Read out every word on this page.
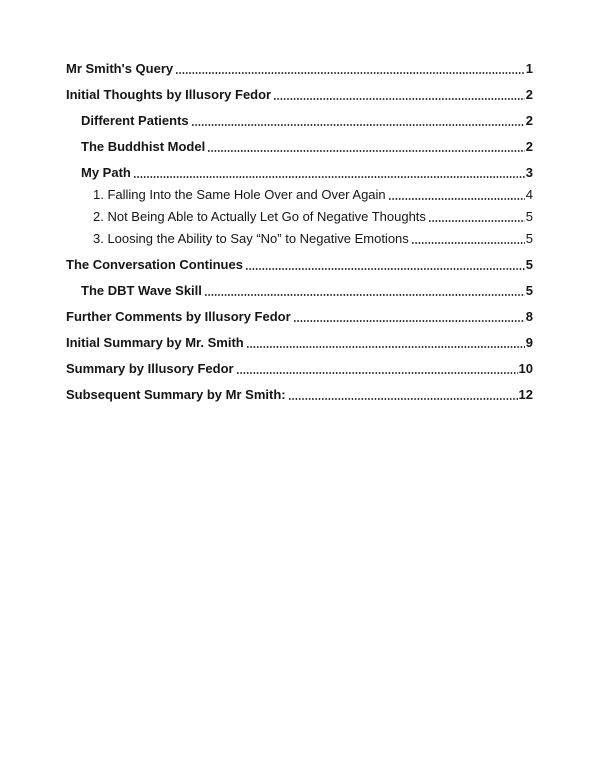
Mr Smith's Query	1
Initial Thoughts by Illusory Fedor	2
Different Patients	2
The Buddhist Model	2
My Path	3
1. Falling Into the Same Hole Over and Over Again	4
2. Not Being Able to Actually Let Go of Negative Thoughts	5
3. Loosing the Ability to Say “No” to Negative Emotions	5
The Conversation Continues	5
The DBT Wave Skill	5
Further Comments by Illusory Fedor	8
Initial Summary by Mr. Smith	9
Summary by Illusory Fedor	10
Subsequent Summary by Mr Smith:	12
